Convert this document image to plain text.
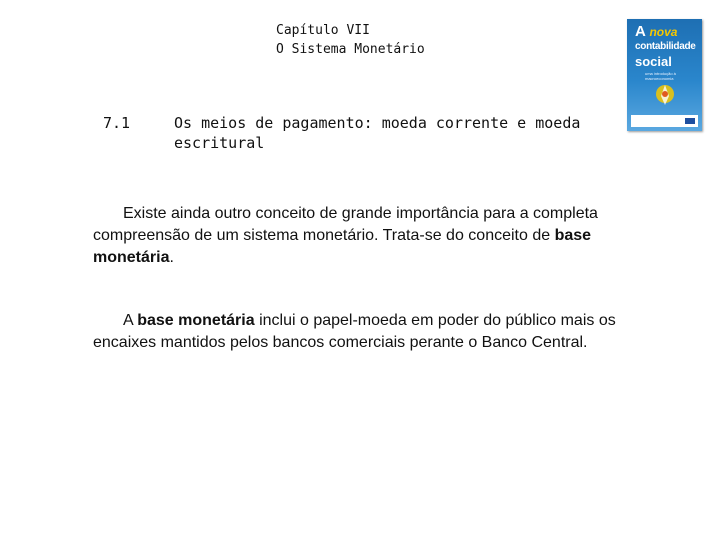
Capítulo VII
O Sistema Monetário
7.1	Os meios de pagamento: moeda corrente e moeda escritural
Existe ainda outro conceito de grande importância para a completa compreensão de um sistema monetário. Trata-se do conceito de base monetária.
A base monetária inclui o papel-moeda em poder do público mais os encaixes mantidos pelos bancos comerciais perante o Banco Central.
A nova
contabilidade
social
uma introdução à macroeconomia
